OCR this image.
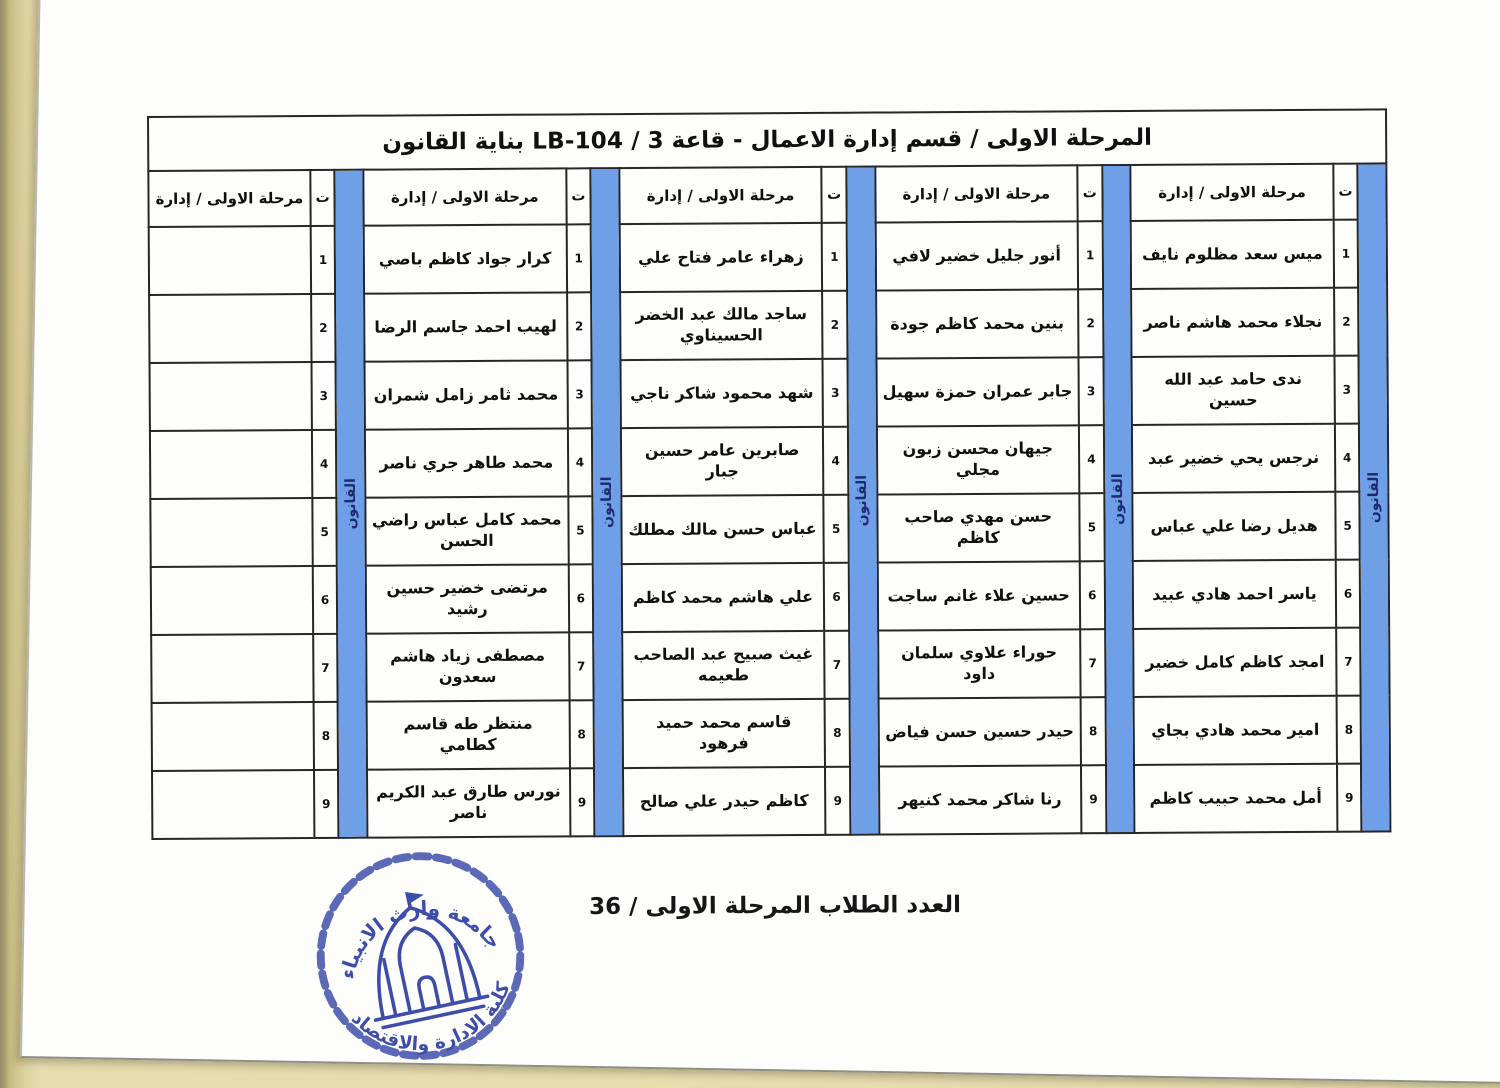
المرحلة الاولى / قسم إدارة الاعمال - قاعة 3 / LB-104 بناية القانون														

القانون	ت	مرحلة الاولى / إدارة	القانون	ت	مرحلة الاولى / إدارة	القانون	ت	مرحلة الاولى / إدارة	القانون	ت	مرحلة الاولى / إدارة	القانون	ت	مرحلة الاولى / إدارة
	1	ميس سعد مظلوم نايف		1	أنور جليل خضير لافي		1	زهراء عامر فتاح علي		1	كرار جواد كاظم باصي		1	
	2	نجلاء محمد هاشم ناصر		2	بنين محمد كاظم جودة		2	ساجد مالك عبد الخضر الحسيناوي		2	لهيب احمد جاسم الرضا		2	
	3	ندى حامد عبد الله حسين		3	جابر عمران حمزة سهيل		3	شهد محمود شاكر ناجي		3	محمد ثامر زامل شمران		3	
	4	نرجس يحي خضير عبد		4	جيهان محسن زبون مجلي		4	صابرين عامر حسين جبار		4	محمد طاهر جري ناصر		4	
	5	هديل رضا علي عباس		5	حسن مهدي صاحب كاظم		5	عباس حسن مالك مطلك		5	محمد كامل عباس راضي الحسن		5	
	6	ياسر احمد هادي عبيد		6	حسين علاء غانم ساجت		6	علي هاشم محمد كاظم		6	مرتضى خضير حسين رشيد		6	
	7	امجد كاظم كامل خضير		7	حوراء علاوي سلمان داود		7	غيث صبيح عبد الصاحب طعيمه		7	مصطفى زياد هاشم سعدون		7	
	8	امير محمد هادي بجاي		8	حيدر حسين حسن فياض		8	قاسم محمد حميد فرهود		8	منتظر طه قاسم كطامي		8	
	9	أمل محمد حبيب كاظم		9	رنا شاكر محمد كنيهر		9	كاظم حيدر علي صالح		9	نورس طارق عبد الكريم ناصر		9	
العدد الطلاب المرحلة الاولى / 36
جامعة وارث الانبياء
كلية الادارة والاقتصاد
